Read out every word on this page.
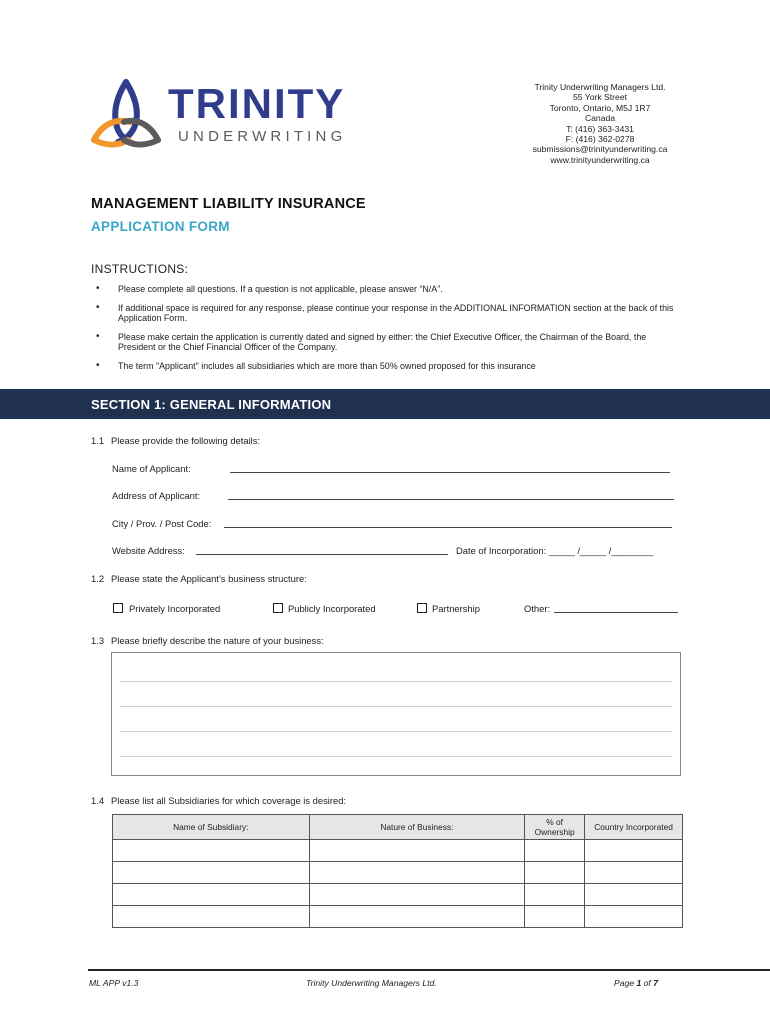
TRINITY
UNDERWRITING
Trinity Underwriting Managers Ltd.
55 York Street
Toronto, Ontario, M5J 1R7
Canada
T: (416) 363-3431
F: (416) 362-0278
submissions@trinityunderwriting.ca
www.trinityunderwriting.ca
MANAGEMENT LIABILITY INSURANCE
APPLICATION FORM
INSTRUCTIONS:
• Please complete all questions. If a question is not applicable, please answer “N/A”.
• If additional space is required for any response, please continue your response in the ADDITIONAL INFORMATION section at the back of this Application Form.
• Please make certain the application is currently dated and signed by either: the Chief Executive Officer, the Chairman of the Board, the President or the Chief Financial Officer of the Company.
• The term "Applicant" includes all subsidiaries which are more than 50% owned proposed for this insurance
SECTION 1: GENERAL INFORMATION
1.1 Please provide the following details:
Name of Applicant:
Address of Applicant:
City / Prov. / Post Code:
Website Address:	Date of Incorporation: _____ /_____ /________
1.2 Please state the Applicant’s business structure:
Privately Incorporated	Publicly Incorporated	Partnership	Other:
1.3 Please briefly describe the nature of your business:
1.4 Please list all Subsidiaries for which coverage is desired:
Name of Subsidiary:	Nature of Business:	% of Ownership	Country Incorporated

ML APP v1.3	Trinity Underwriting Managers Ltd.	Page 1 of 7
